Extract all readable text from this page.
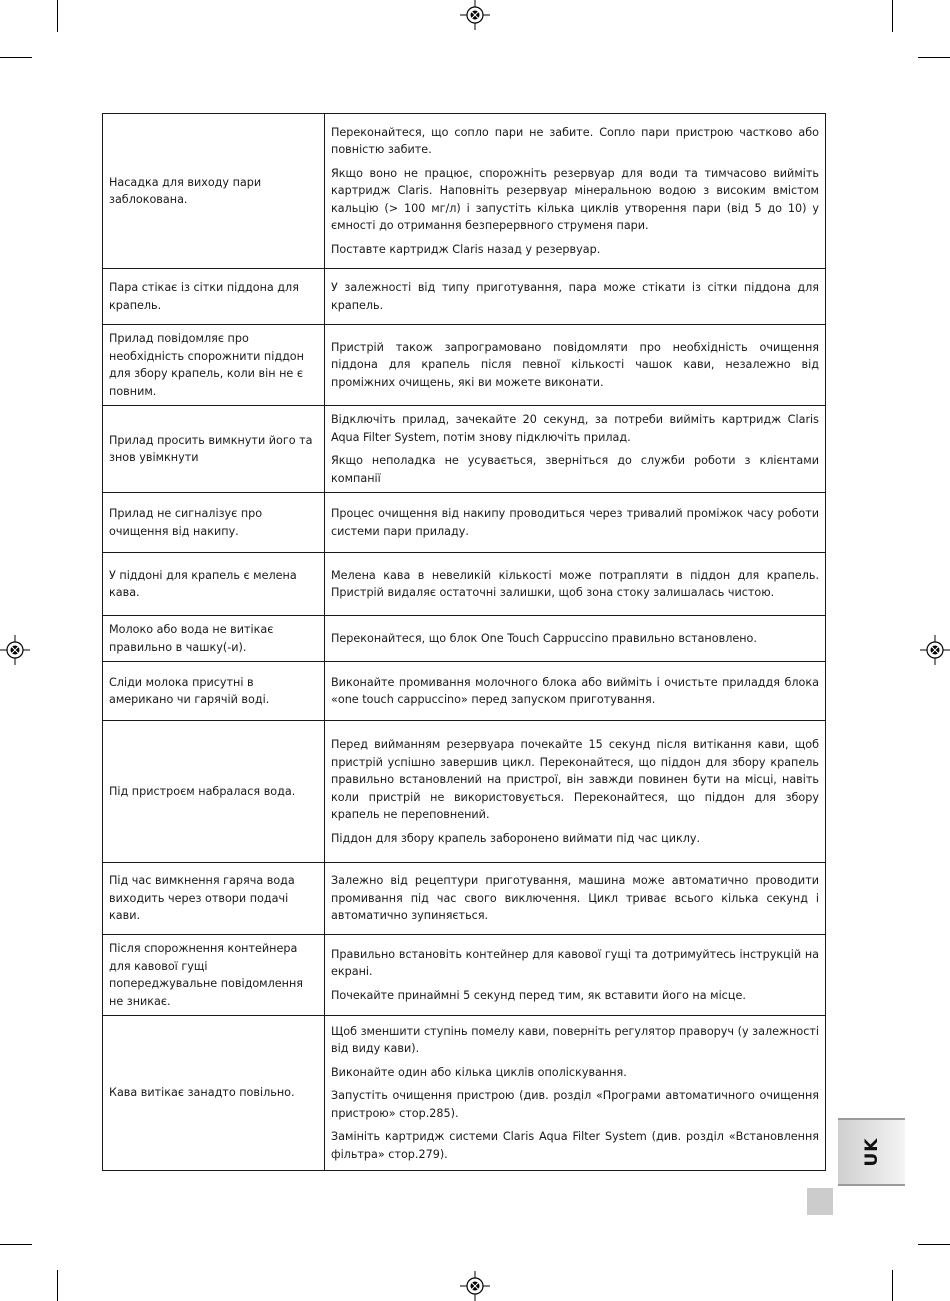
Насадка для виходу пари заблокована.	Переконайтеся, що сопло пари не забите. Сопло пари пристрою частково або повністю забите.

Якщо воно не працює, спорожніть резервуар для води та тимчасово вийміть картридж Claris. Наповніть резервуар мінеральною водою з високим вмістом кальцію (> 100 мг/л) і запустіть кілька циклів утворення пари (від 5 до 10) у ємності до отримання безперервного струменя пари.

Поставте картридж Claris назад у резервуар.

Пара стікає із сітки піддона для крапель.	У залежності від типу приготування, пара може стікати із сітки піддона для крапель.

Прилад повідомляє про необхідність спорожнити піддон для збору крапель, коли він не є повним.	Пристрій також запрограмовано повідомляти про необхідність очищення піддона для крапель після певної кількості чашок кави, незалежно від проміжних очищень, які ви можете виконати.

Прилад просить вимкнути його та знов увімкнути	Відключіть прилад, зачекайте 20 секунд, за потреби вийміть картридж Claris Aqua Filter System, потім знову підключіть прилад.

Якщо неполадка не усувається, зверніться до служби роботи з клієнтами компанії

Прилад не сигналізує про очищення від накипу.	Процес очищення від накипу проводиться через тривалий проміжок часу роботи системи пари приладу.

У піддоні для крапель є мелена кава.	Мелена кава в невеликій кількості може потрапляти в піддон для крапель. Пристрій видаляє остаточні залишки, щоб зона стоку залишалась чистою.

Молоко або вода не витікає правильно в чашку(-и).	Переконайтеся, що блок One Touch Cappuccino правильно встановлено.

Сліди молока присутні в американо чи гарячій воді.	Виконайте промивання молочного блока або вийміть і очистьте приладдя блока «one touch cappuccino» перед запуском приготування.

Під пристроєм набралася вода.	Перед вийманням резервуара почекайте 15 секунд після витікання кави, щоб пристрій успішно завершив цикл. Переконайтеся, що піддон для збору крапель правильно встановлений на пристрої, він завжди повинен бути на місці, навіть коли пристрій не використовується. Переконайтеся, що піддон для збору крапель не переповнений.

Піддон для збору крапель заборонено виймати під час циклу.

Під час вимкнення гаряча вода виходить через отвори подачі кави.	Залежно від рецептури приготування, машина може автоматично проводити промивання під час свого виключення. Цикл триває всього кілька секунд і автоматично зупиняється.

Після спорожнення контейнера для кавової гущі попереджувальне повідомлення не зникає.	Правильно встановіть контейнер для кавової гущі та дотримуйтесь інструкцій на екрані.

Почекайте принаймні 5 секунд перед тим, як вставити його на місце.

Кава витікає занадто повільно.	Щоб зменшити ступінь помелу кави, поверніть регулятор праворуч (у залежності від виду кави).

Виконайте один або кілька циклів ополіскування.

Запустіть очищення пристрою (див. розділ «Програми автоматичного очищення пристрою» стор.285).

Замініть картридж системи Claris Aqua Filter System (див. розділ «Встановлення фільтра» стор.279).	UK
